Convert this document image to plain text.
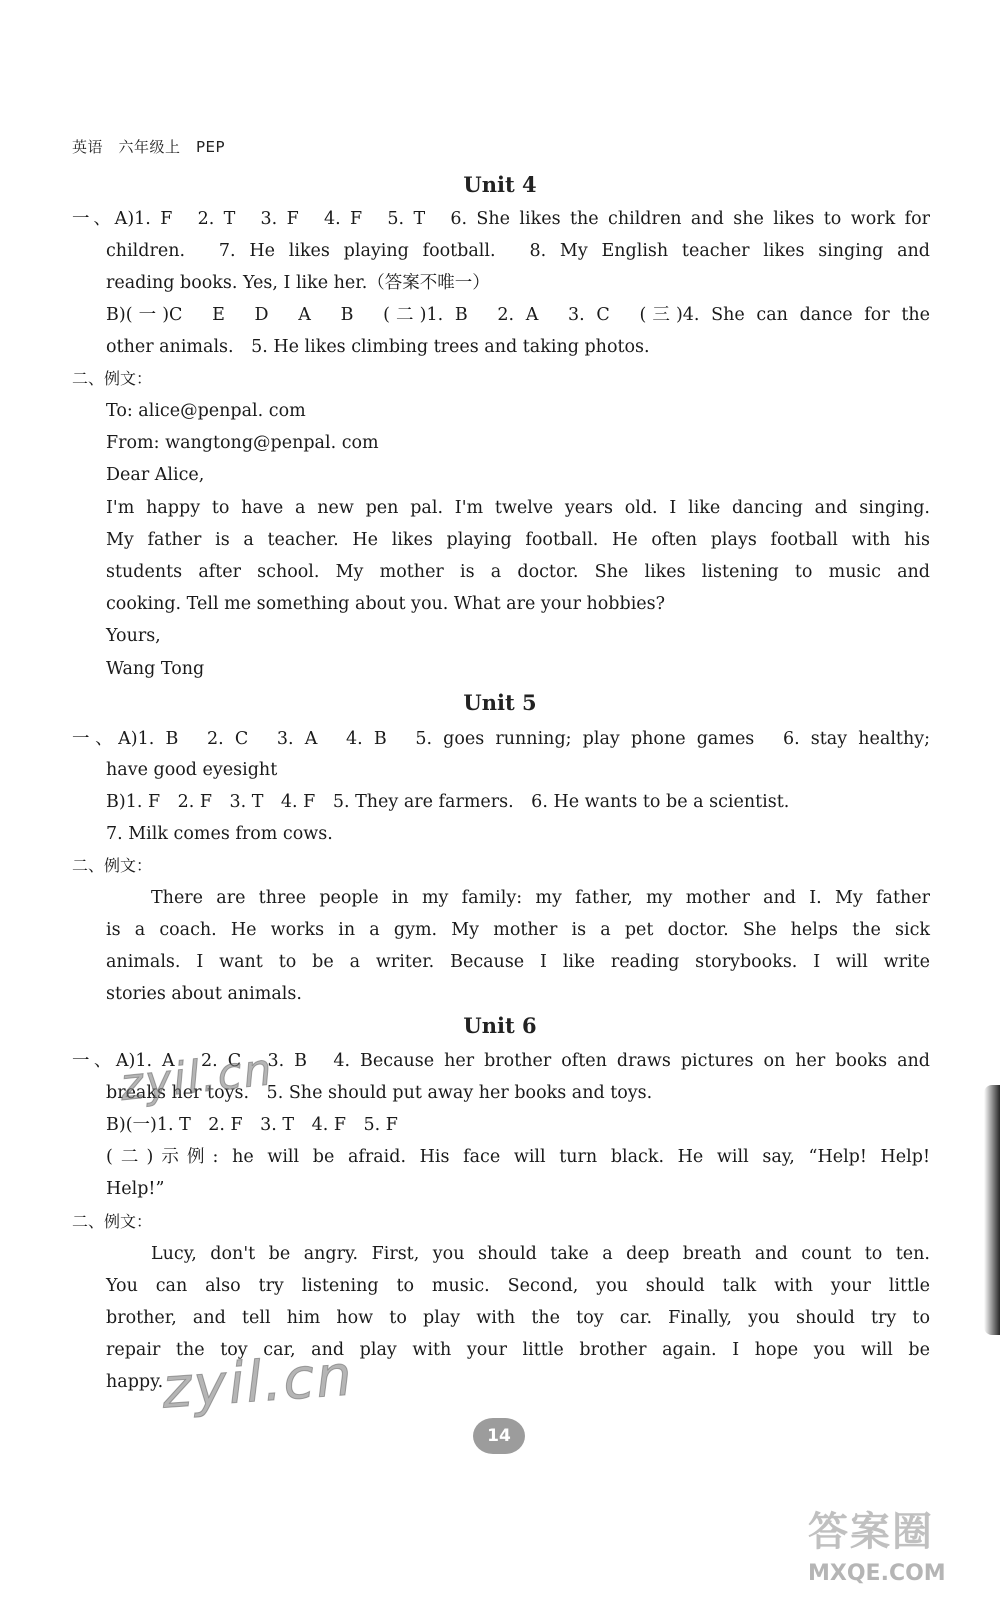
英语　六年级上　PEP
Unit 4
一、A)1. F　2. T　3. F　4. F　5. T　6. She likes the children and she likes to work for
children.　7. He likes playing football.　8. My English teacher likes singing and
reading books. Yes, I like her.（答案不唯一）
B)(一)C　E　D　A　B　(二)1. B　2. A　3. C　(三)4. She can dance for the
other animals.　5. He likes climbing trees and taking photos.
二、例文：
To: alice@penpal. com
From: wangtong@penpal. com
Dear Alice,
I'm happy to have a new pen pal. I'm twelve years old. I like dancing and singing.
My father is a teacher. He likes playing football. He often plays football with his
students after school. My mother is a doctor. She likes listening to music and
cooking. Tell me something about you. What are your hobbies?
Yours,
Wang Tong
Unit 5
一、A)1. B　2. C　3. A　4. B　5. goes running; play phone games　6. stay healthy;
have good eyesight
B)1. F　2. F　3. T　4. F　5. They are farmers.　6. He wants to be a scientist.
7. Milk comes from cows.
二、例文：
There are three people in my family: my father, my mother and I. My father
is a coach. He works in a gym. My mother is a pet doctor. She helps the sick
animals. I want to be a writer. Because I like reading storybooks. I will write
stories about animals.
Unit 6
一、A)1. A　2. C　3. B　4. Because her brother often draws pictures on her books and
breaks her toys.　5. She should put away her books and toys.
B)(一)1. T　2. F　3. T　4. F　5. F
(二)示例: he will be afraid. His face will turn black. He will say, “Help! Help!
Help!”
二、例文：
Lucy, don't be angry. First, you should take a deep breath and count to ten.
You can also try listening to music. Second, you should talk with your little
brother, and tell him how to play with the toy car. Finally, you should try to
repair the toy car, and play with your little brother again. I hope you will be
happy.
14
zyil.cn
zyil.cn
答案圈
MXQE.COM
